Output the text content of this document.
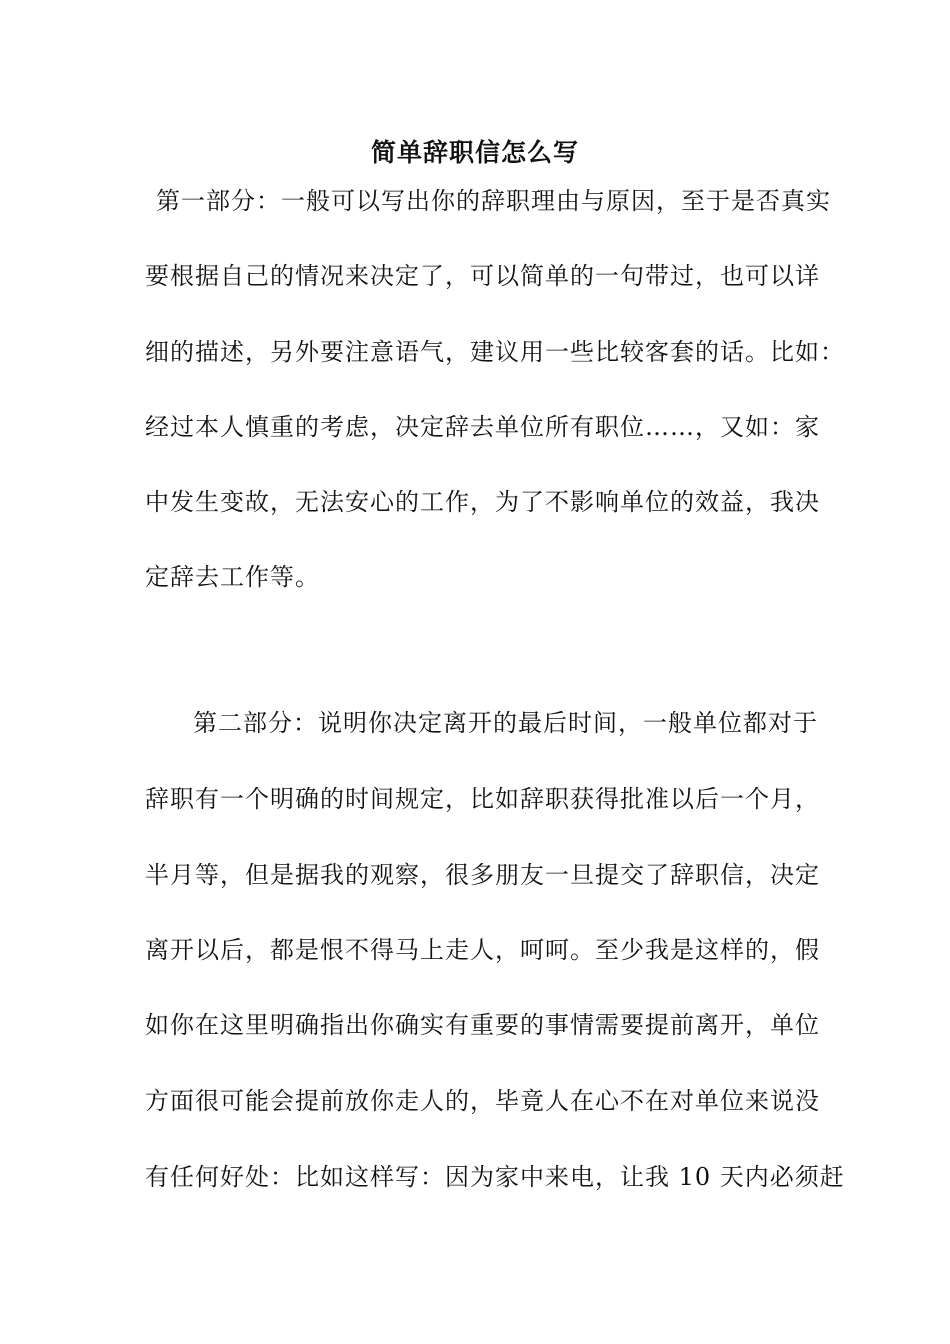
简单辞职信怎么写
第一部分：一般可以写出你的辞职理由与原因，至于是否真实
要根据自己的情况来决定了，可以简单的一句带过，也可以详
细的描述，另外要注意语气，建议用一些比较客套的话。比如：
经过本人慎重的考虑，决定辞去单位所有职位……，又如：家
中发生变故，无法安心的工作，为了不影响单位的效益，我决
定辞去工作等。
第二部分：说明你决定离开的最后时间，一般单位都对于
辞职有一个明确的时间规定，比如辞职获得批准以后一个月，
半月等，但是据我的观察，很多朋友一旦提交了辞职信，决定
离开以后，都是恨不得马上走人，呵呵。至少我是这样的，假
如你在这里明确指出你确实有重要的事情需要提前离开，单位
方面很可能会提前放你走人的，毕竟人在心不在对单位来说没
有任何好处：比如这样写：因为家中来电，让我 10 天内必须赶
